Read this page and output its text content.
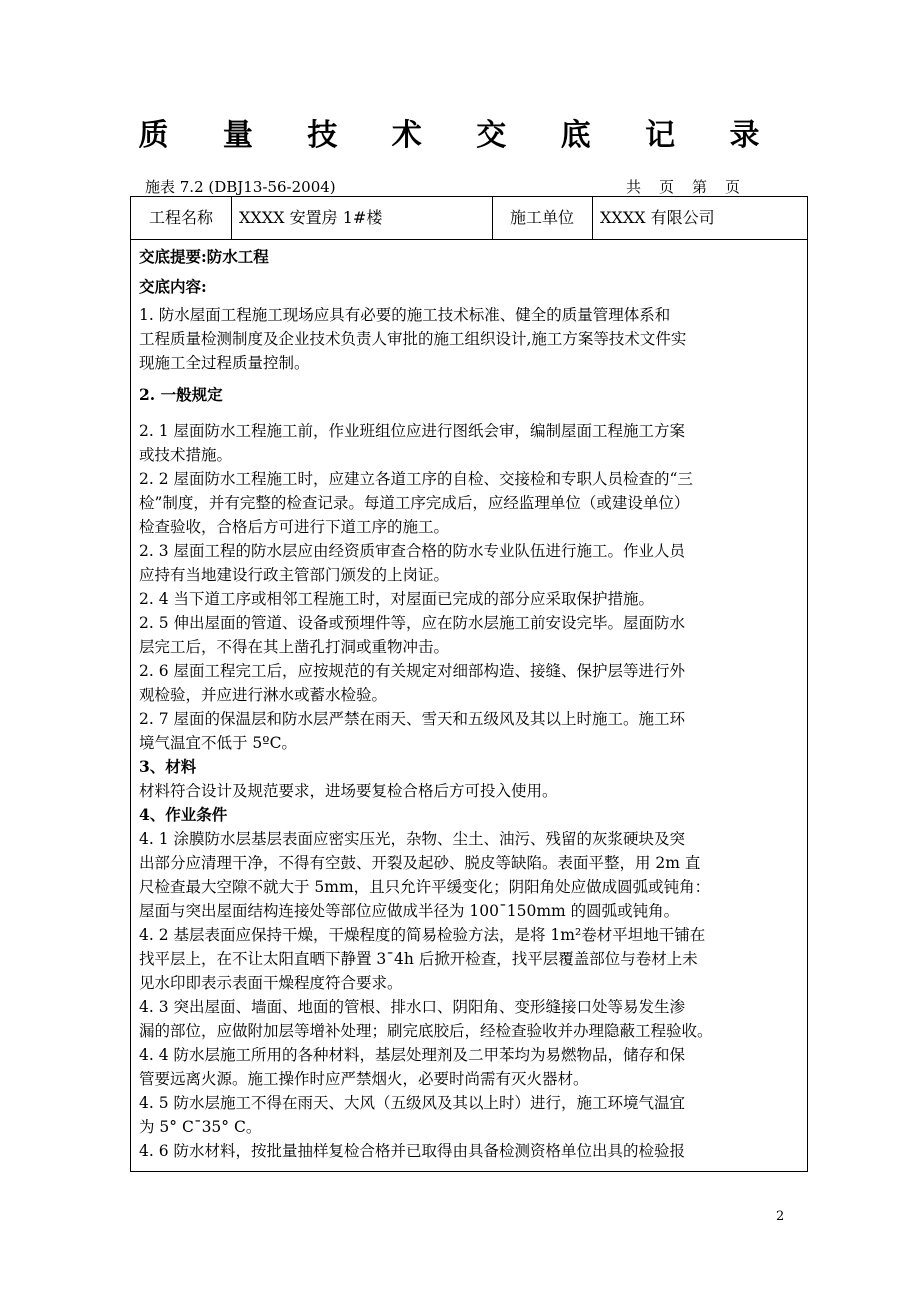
质 量 技 术 交 底 记 录
施表 7.2 (DBJ13-56-2004)	共 页 第 页
工程名称	XXXX 安置房 1#楼	施工单位	XXXX 有限公司

交底提要:防水工程

交底内容:

1. 防水屋面工程施工现场应具有必要的施工技术标准、健全的质量管理体系和

工程质量检测制度及企业技术负责人审批的施工组织设计,施工方案等技术文件实

现施工全过程质量控制。

2. 一般规定

2. 1 屋面防水工程施工前，作业班组位应进行图纸会审，编制屋面工程施工方案

或技术措施。

2. 2 屋面防水工程施工时，应建立各道工序的自检、交接检和专职人员检查的“三

检”制度，并有完整的检查记录。每道工序完成后，应经监理单位（或建设单位）

检查验收，合格后方可进行下道工序的施工。

2. 3 屋面工程的防水层应由经资质审查合格的防水专业队伍进行施工。作业人员

应持有当地建设行政主管部门颁发的上岗证。

2. 4 当下道工序或相邻工程施工时，对屋面已完成的部分应采取保护措施。

2. 5 伸出屋面的管道、设备或预埋件等，应在防水层施工前安设完毕。屋面防水

层完工后，不得在其上凿孔打洞或重物冲击。

2. 6 屋面工程完工后，应按规范的有关规定对细部构造、接缝、保护层等进行外

观检验，并应进行淋水或蓄水检验。

2. 7 屋面的保温层和防水层严禁在雨天、雪天和五级风及其以上时施工。施工环

境气温宜不低于 5ºC。

3、材料

材料符合设计及规范要求，进场要复检合格后方可投入使用。

4、作业条件

4. 1 涂膜防水层基层表面应密实压光，杂物、尘土、油污、残留的灰浆硬块及突

出部分应清理干净，不得有空鼓、开裂及起砂、脱皮等缺陷。表面平整，用 2m 直

尺检查最大空隙不就大于 5mm，且只允许平缓变化；阴阳角处应做成圆弧或钝角：

屋面与突出屋面结构连接处等部位应做成半径为 100¯150mm 的圆弧或钝角。

4. 2 基层表面应保持干燥，干燥程度的简易检验方法，是将 1m²卷材平坦地干铺在

找平层上，在不让太阳直晒下静置 3¯4h 后掀开检查，找平层覆盖部位与卷材上未

见水印即表示表面干燥程度符合要求。

4. 3 突出屋面、墙面、地面的管根、排水口、阴阳角、变形缝接口处等易发生渗

漏的部位，应做附加层等增补处理；刷完底胶后，经检查验收并办理隐蔽工程验收。

4. 4 防水层施工所用的各种材料，基层处理剂及二甲苯均为易燃物品，储存和保

管要远离火源。施工操作时应严禁烟火，必要时尚需有灭火器材。

4. 5 防水层施工不得在雨天、大风（五级风及其以上时）进行，施工环境气温宜

为 5° C¯35° C。

4. 6 防水材料，按批量抽样复检合格并已取得由具备检测资格单位出具的检验报

2
